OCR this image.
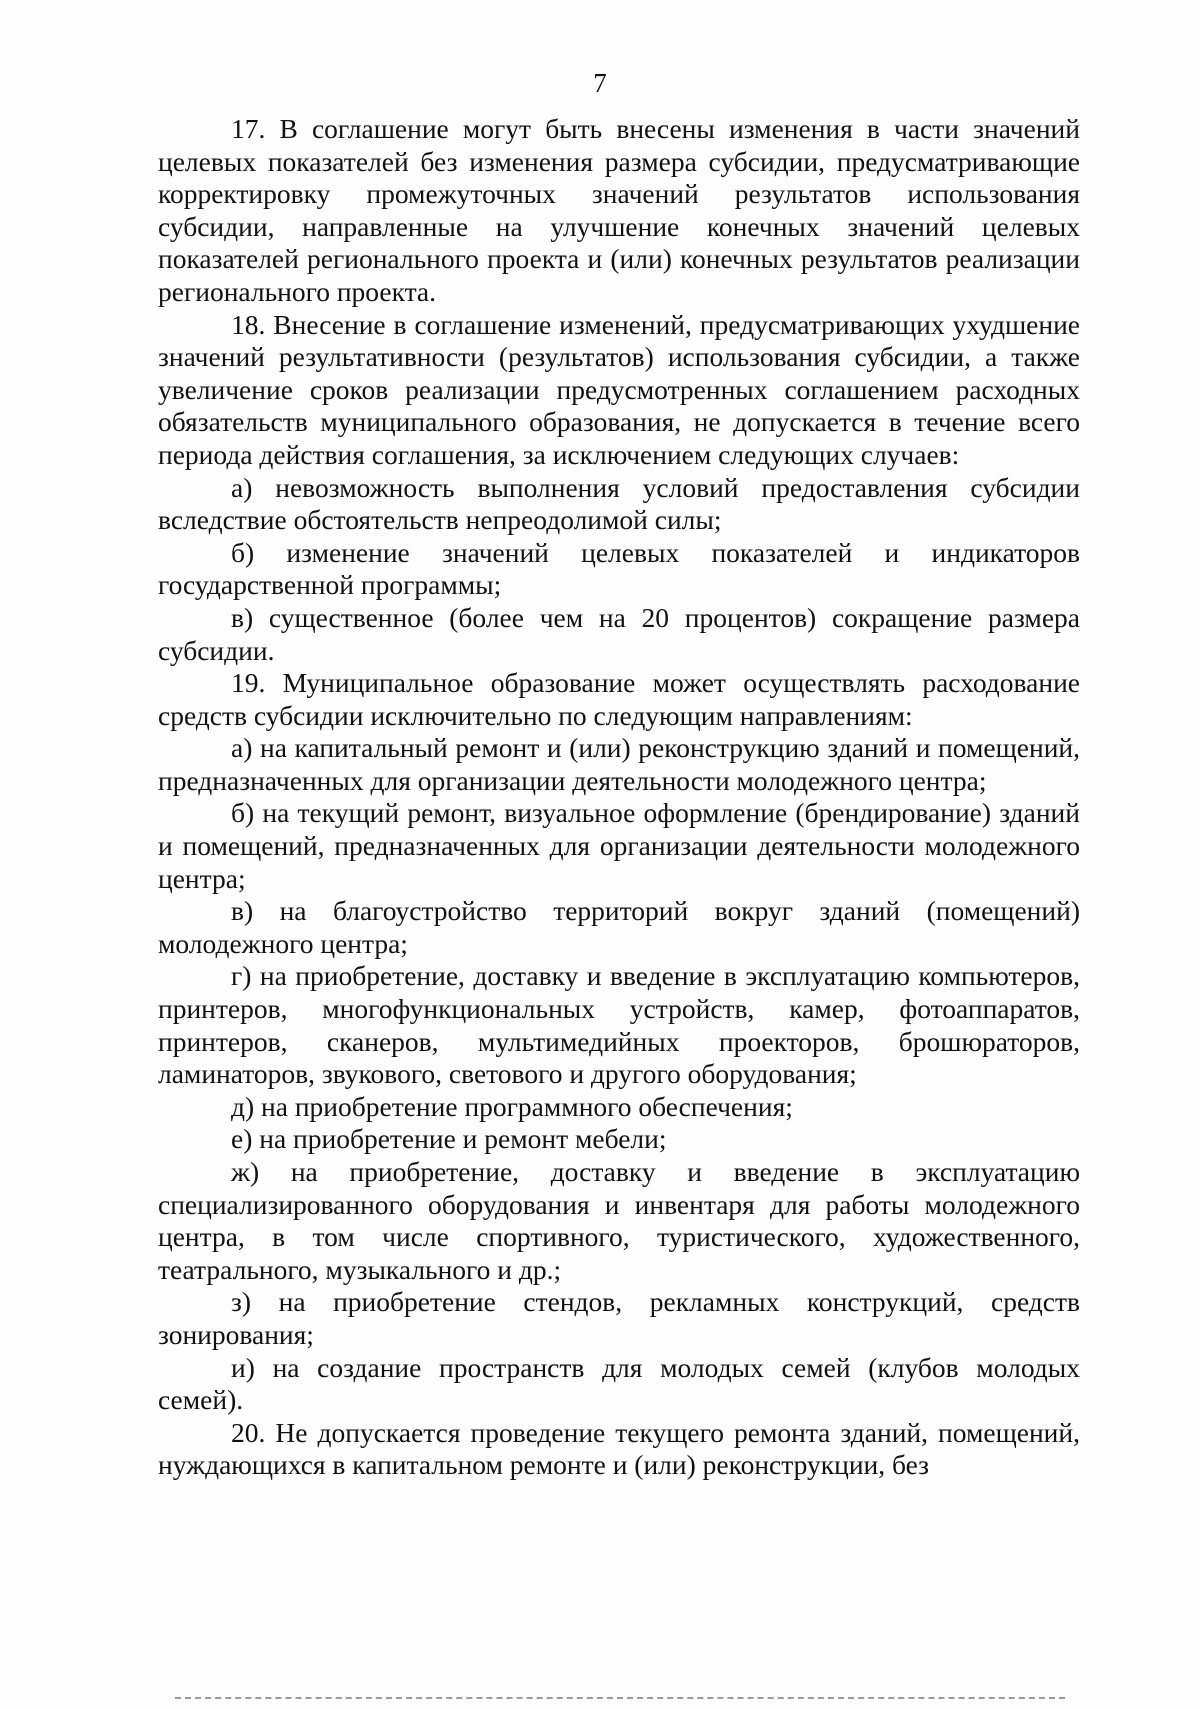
7

17. В соглашение могут быть внесены изменения в части значений целевых показателей без изменения размера субсидии, предусматривающие корректировку промежуточных значений результатов использования субсидии, направленные на улучшение конечных значений целевых показателей регионального проекта и (или) конечных результатов реализации регионального проекта.

18. Внесение в соглашение изменений, предусматривающих ухудшение значений результативности (результатов) использования субсидии, а также увеличение сроков реализации предусмотренных соглашением расходных обязательств муниципального образования, не допускается в течение всего периода действия соглашения, за исключением следующих случаев:

а) невозможность выполнения условий предоставления субсидии вследствие обстоятельств непреодолимой силы;

б) изменение значений целевых показателей и индикаторов государственной программы;

в) существенное (более чем на 20 процентов) сокращение размера субсидии.

19. Муниципальное образование может осуществлять расходование средств субсидии исключительно по следующим направлениям:

а) на капитальный ремонт и (или) реконструкцию зданий и помещений, предназначенных для организации деятельности молодежного центра;

б) на текущий ремонт, визуальное оформление (брендирование) зданий и помещений, предназначенных для организации деятельности молодежного центра;

в) на благоустройство территорий вокруг зданий (помещений) молодежного центра;

г) на приобретение, доставку и введение в эксплуатацию компьютеров, принтеров, многофункциональных устройств, камер, фотоаппаратов, принтеров, сканеров, мультимедийных проекторов, брошюраторов, ламинаторов, звукового, светового и другого оборудования;

д) на приобретение программного обеспечения;

е) на приобретение и ремонт мебели;

ж) на приобретение, доставку и введение в эксплуатацию специализированного оборудования и инвентаря для работы молодежного центра, в том числе спортивного, туристического, художественного, театрального, музыкального и др.;

з) на приобретение стендов, рекламных конструкций, средств зонирования;

и) на создание пространств для молодых семей (клубов молодых семей).

20. Не допускается проведение текущего ремонта зданий, помещений, нуждающихся в капитальном ремонте и (или) реконструкции, без
